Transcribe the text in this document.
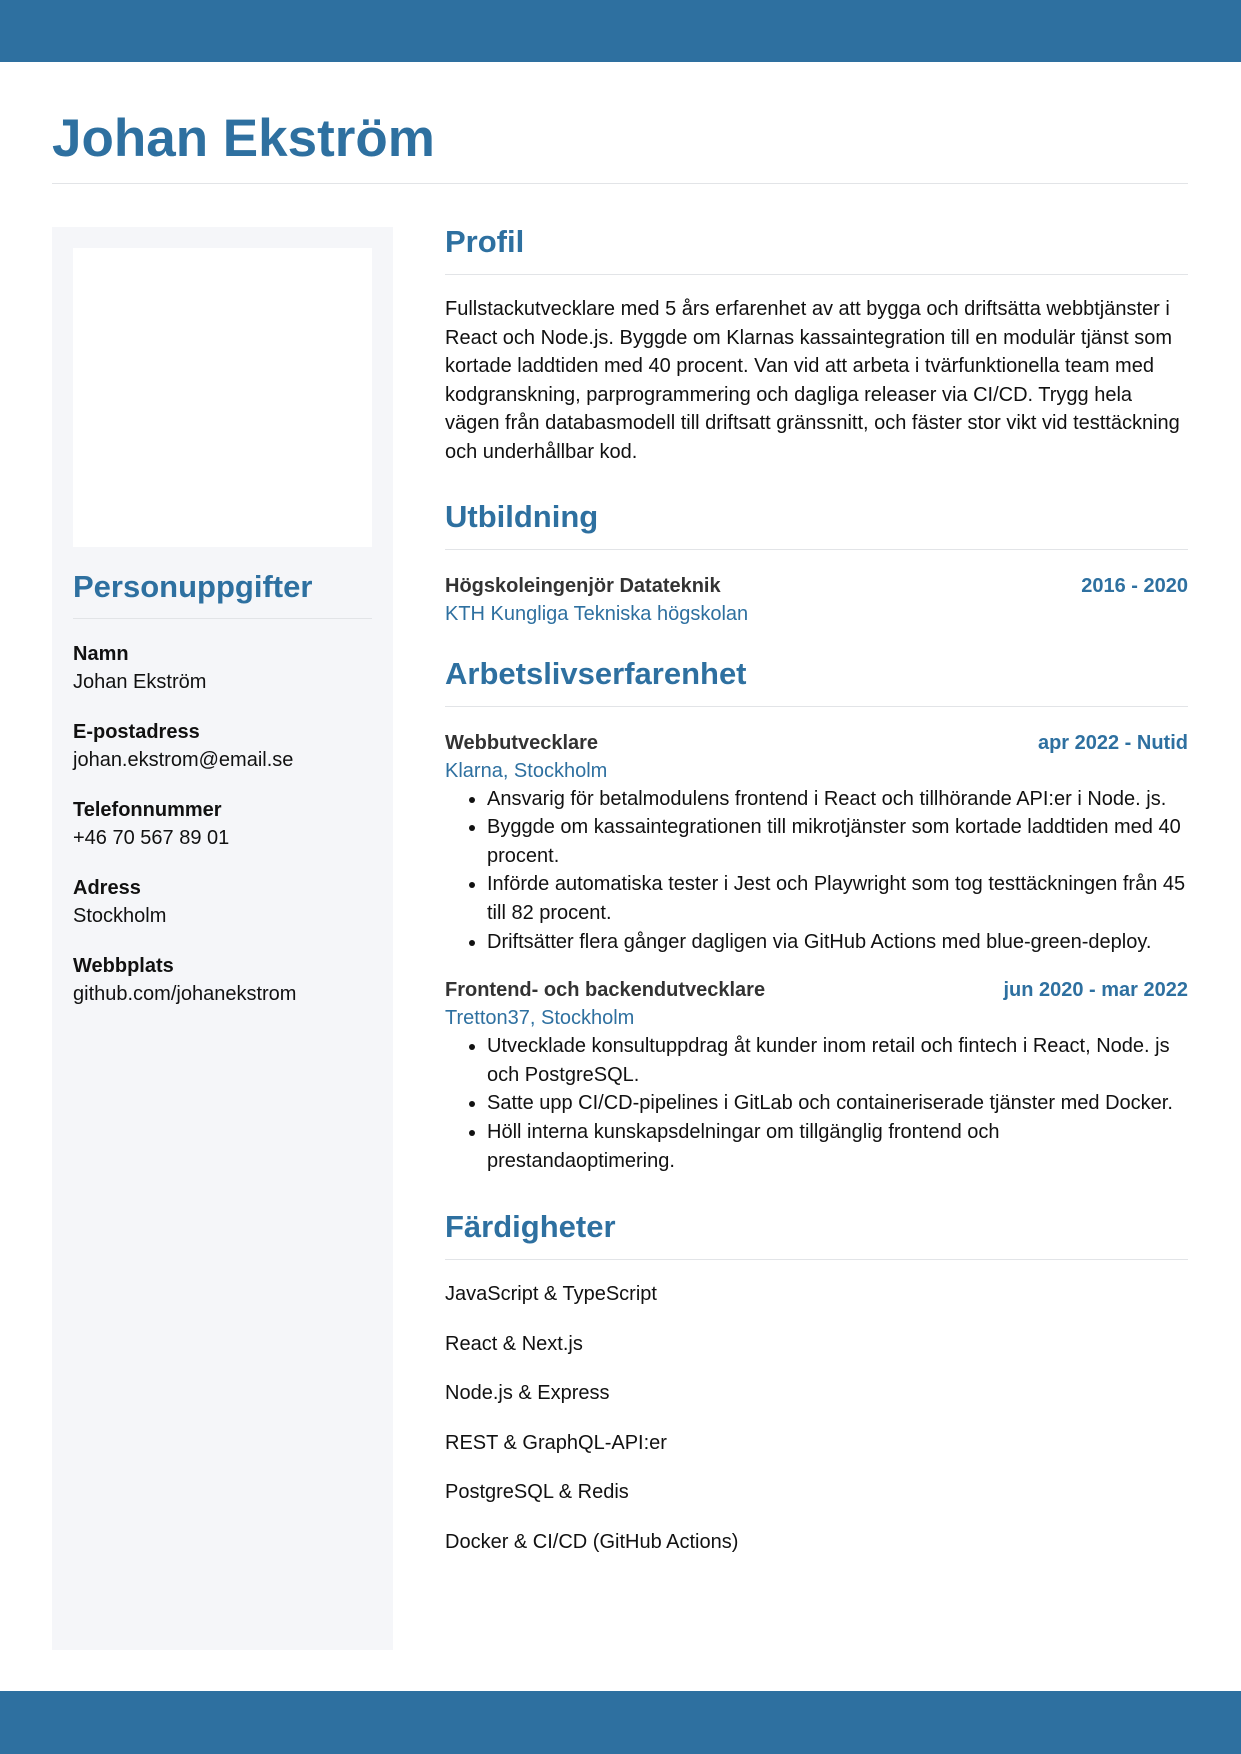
Johan Ekström
Personuppgifter
Namn
Johan Ekström
E-postadress
johan.ekstrom@email.se
Telefonnummer
+46 70 567 89 01
Adress
Stockholm
Webbplats
github.com/johanekstrom
Profil

Fullstackutvecklare med 5 års erfarenhet av att bygga och driftsätta webbtjänster i React och Node.js. Byggde om Klarnas kassaintegration till en modulär tjänst som kortade laddtiden med 40 procent. Van vid att arbeta i tvärfunktionella team med kodgranskning, parprogrammering och dagliga releaser via CI/CD. Trygg hela vägen från databasmodell till driftsatt gränssnitt, och fäster stor vikt vid testtäckning och underhållbar kod.

Utbildning
Högskoleingenjör Datateknik	2016 - 2020
KTH Kungliga Tekniska högskolan
Arbetslivserfarenhet
Webbutvecklare	apr 2022 - Nutid
Klarna, Stockholm
• Ansvarig för betalmodulens frontend i React och tillhörande API:er i Node. js.
• Byggde om kassaintegrationen till mikrotjänster som kortade laddtiden med 40 procent.
• Införde automatiska tester i Jest och Playwright som tog testtäckningen från 45 till 82 procent.
• Driftsätter flera gånger dagligen via GitHub Actions med blue-green-deploy.
Frontend- och backendutvecklare	jun 2020 - mar 2022
Tretton37, Stockholm
• Utvecklade konsultuppdrag åt kunder inom retail och fintech i React, Node. js och PostgreSQL.
• Satte upp CI/CD-pipelines i GitLab och containeriserade tjänster med Docker.
• Höll interna kunskapsdelningar om tillgänglig frontend och prestandaoptimering.
Färdigheter
JavaScript & TypeScript
React & Next.js
Node.js & Express
REST & GraphQL-API:er
PostgreSQL & Redis
Docker & CI/CD (GitHub Actions)
